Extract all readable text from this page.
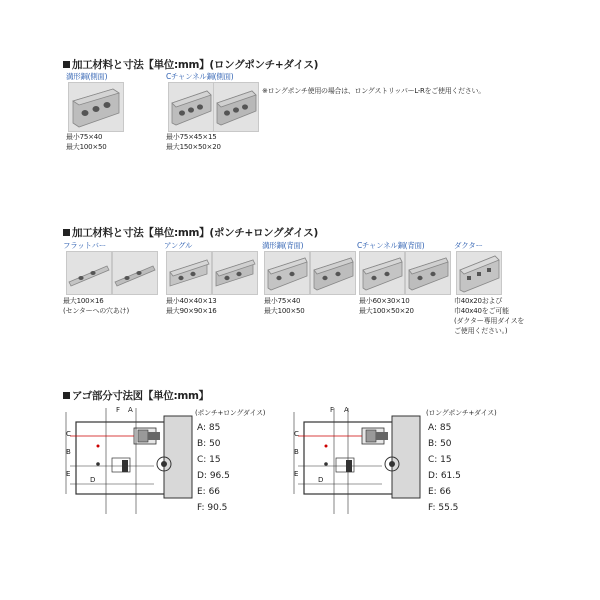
加工材料と寸法【単位:mm】(ロングポンチ+ダイス)
溝形鋼(側面)
最小75×40
最大100×50
Cチャンネル鋼(側面)
最小75×45×15
最大150×50×20
※ロングポンチ使用の場合は、ロングストリッパーL-Rをご使用ください。
加工材料と寸法【単位:mm】(ポンチ+ロングダイス)
フラットバー
最大100×16
(センターへの穴あけ)
アングル
最小40×40×13
最大90×90×16
溝形鋼(背面)
最小75×40
最大100×50
Cチャンネル鋼(背面)
最小60×30×10
最大100×50×20
ダクター
巾40x20および
巾40x40をご可能
(ダクター専用ダイスを
ご使用ください。)
アゴ部分寸法図【単位:mm】
F A
C
B
E
D
(ポンチ+ロングダイス)
A: 85
B: 50
C: 15
D: 96.5
E: 66
F: 90.5
F A
C
B
E
D
(ロングポンチ+ダイス)
A: 85
B: 50
C: 15
D: 61.5
E: 66
F: 55.5
